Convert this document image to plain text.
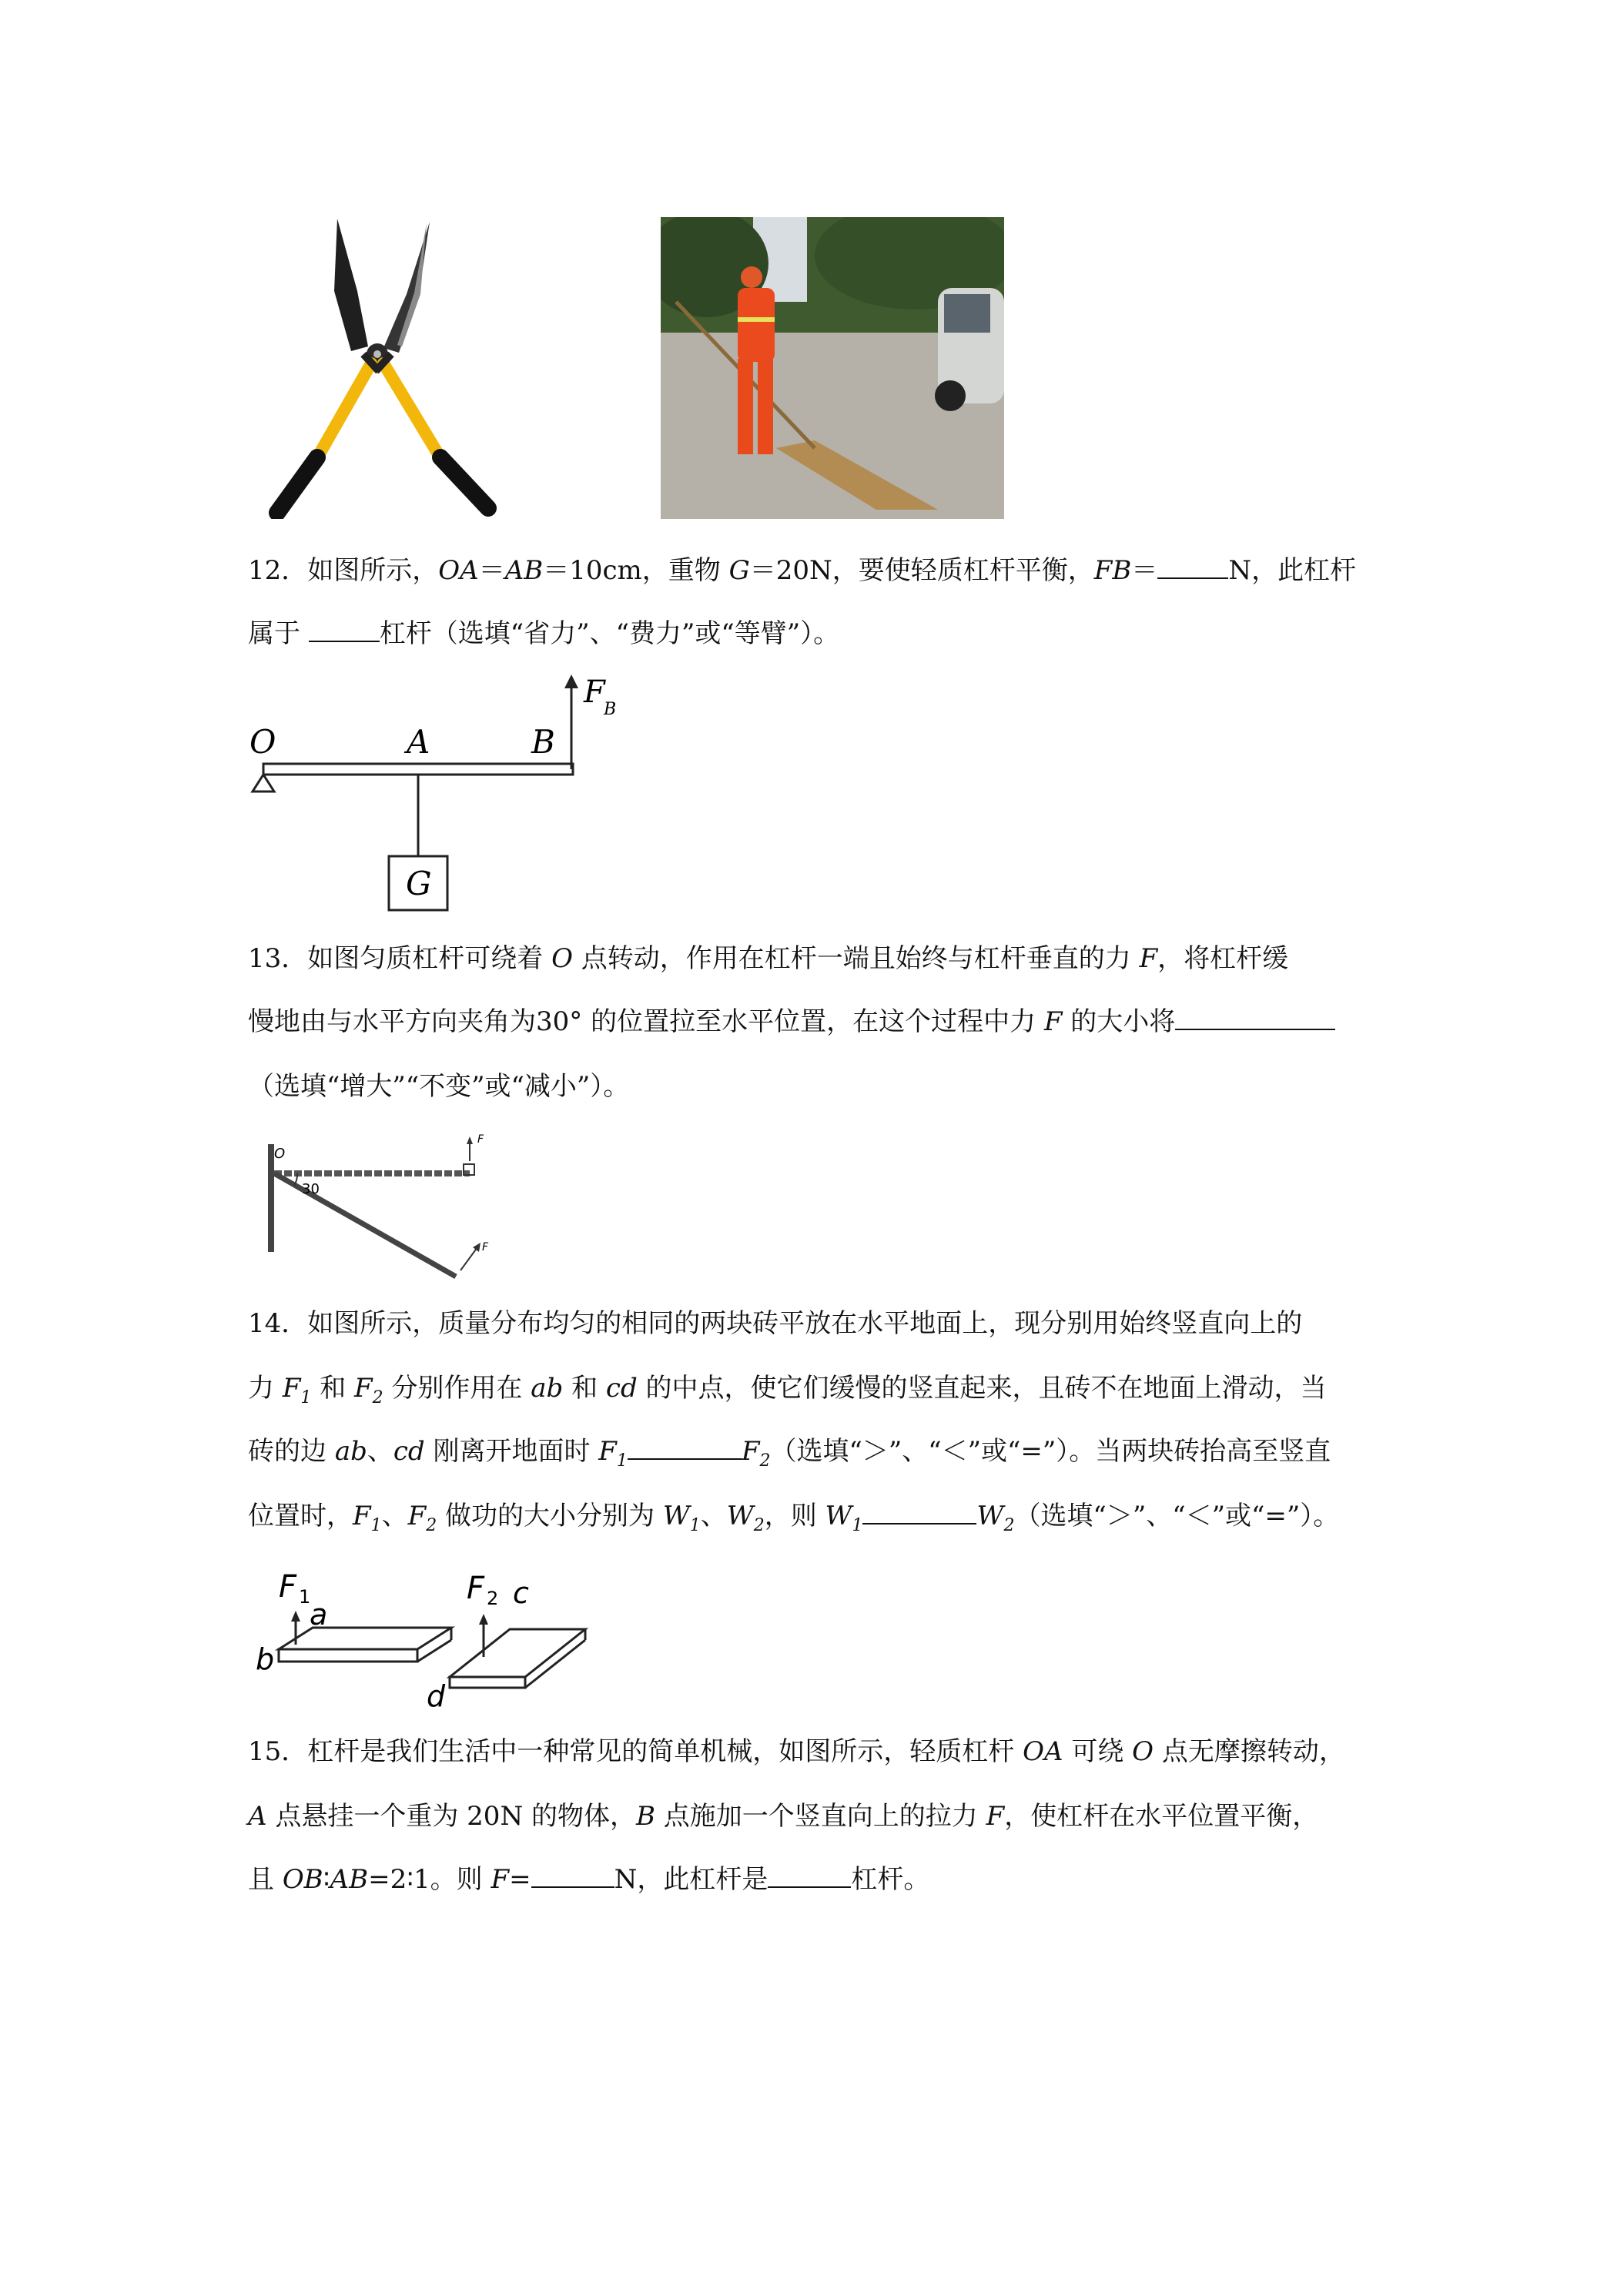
12．如图所示，OA＝AB＝10cm，重物 G＝20N，要使轻质杠杆平衡，FB＝	N，此杠杆
属于	杠杆（选填“省力”、“费力”或“等臂”）。
O	A	B
F
B
G
13．如图匀质杠杆可绕着 O 点转动，作用在杠杆一端且始终与杠杆垂直的力 F，将杠杆缓
慢地由与水平方向夹角为30° 的位置拉至水平位置，在这个过程中力 F 的大小将
（选填“增大”“不变”或“减小”）。
O
30
F
F
14．如图所示，质量分布均匀的相同的两块砖平放在水平地面上，现分别用始终竖直向上的
力 $F_1$ 和 $F_2$ 分别作用在 ab 和 cd 的中点，使它们缓慢的竖直起来，且砖不在地面上滑动，当
砖的边 ab、cd 刚离开地面时 $F_1$	$F_2$（选填“＞”、“＜”或“=”）。当两块砖抬高至竖直
位置时，$F_1$、$F_2$ 做功的大小分别为 $W_1$、$W_2$，则 $W_1$	$W_2$（选填“＞”、“＜”或“=”）。
F 1
a
b
F 2 c
d
15．杠杆是我们生活中一种常见的简单机械，如图所示，轻质杠杆 OA 可绕 O 点无摩擦转动，
A 点悬挂一个重为 20N 的物体，B 点施加一个竖直向上的拉力 F，使杠杆在水平位置平衡，
且 OB∶AB=2∶1。则 F=	N，此杠杆是	杠杆。
